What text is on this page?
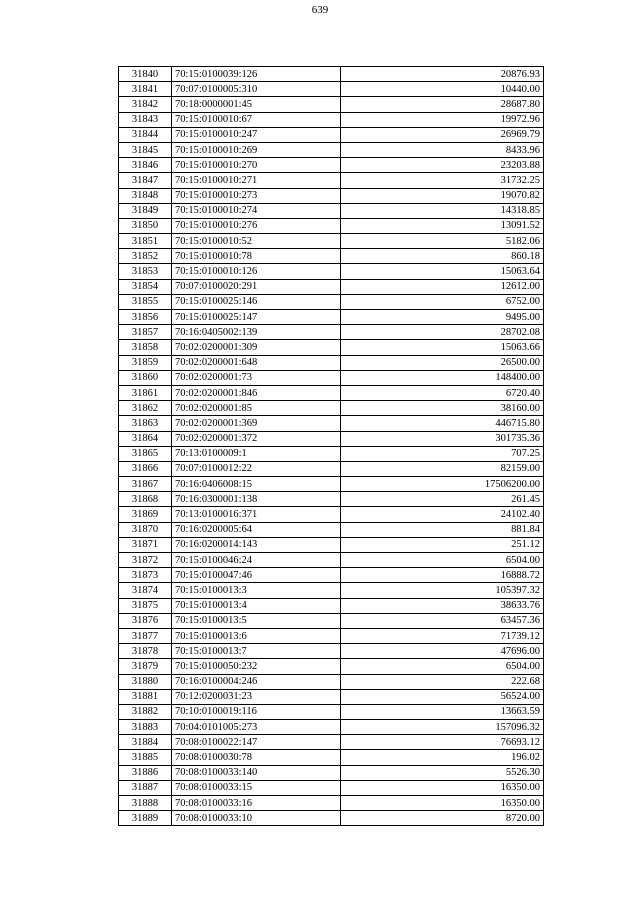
639
31840	70:15:0100039:126	20876.93
31841	70:07:0100005:310	10440.00
31842	70:18:0000001:45	28687.80
31843	70:15:0100010:67	19972.96
31844	70:15:0100010:247	26969.79
31845	70:15:0100010:269	8433.96
31846	70:15:0100010:270	23203.88
31847	70:15:0100010:271	31732.25
31848	70:15:0100010:273	19070.82
31849	70:15:0100010:274	14318.85
31850	70:15:0100010:276	13091.52
31851	70:15:0100010:52	5182.06
31852	70:15:0100010:78	860.18
31853	70:15:0100010:126	15063.64
31854	70:07:0100020:291	12612.00
31855	70:15:0100025:146	6752.00
31856	70:15:0100025:147	9495.00
31857	70:16:0405002:139	28702.08
31858	70:02:0200001:309	15063.66
31859	70:02:0200001:648	26500.00
31860	70:02:0200001:73	148400.00
31861	70:02:0200001:846	6720.40
31862	70:02:0200001:85	38160.00
31863	70:02:0200001:369	446715.80
31864	70:02:0200001:372	301735.36
31865	70:13:0100009:1	707.25
31866	70:07:0100012:22	82159.00
31867	70:16:0406008:15	17506200.00
31868	70:16:0300001:138	261.45
31869	70:13:0100016:371	24102.40
31870	70:16:0200005:64	881.84
31871	70:16:0200014:143	251.12
31872	70:15:0100046:24	6504.00
31873	70:15:0100047:46	16888.72
31874	70:15:0100013:3	105397.32
31875	70:15:0100013:4	38633.76
31876	70:15:0100013:5	63457.36
31877	70:15:0100013:6	71739.12
31878	70:15:0100013:7	47696.00
31879	70:15:0100050:232	6504.00
31880	70:16:0100004:246	222.68
31881	70:12:0200031:23	56524.00
31882	70:10:0100019:116	13663.59
31883	70:04:0101005:273	157096.32
31884	70:08:0100022:147	76693.12
31885	70:08:0100030:78	196.02
31886	70:08:0100033:140	5526.30
31887	70:08:0100033:15	16350.00
31888	70:08:0100033:16	16350.00
31889	70:08:0100033:10	8720.00
